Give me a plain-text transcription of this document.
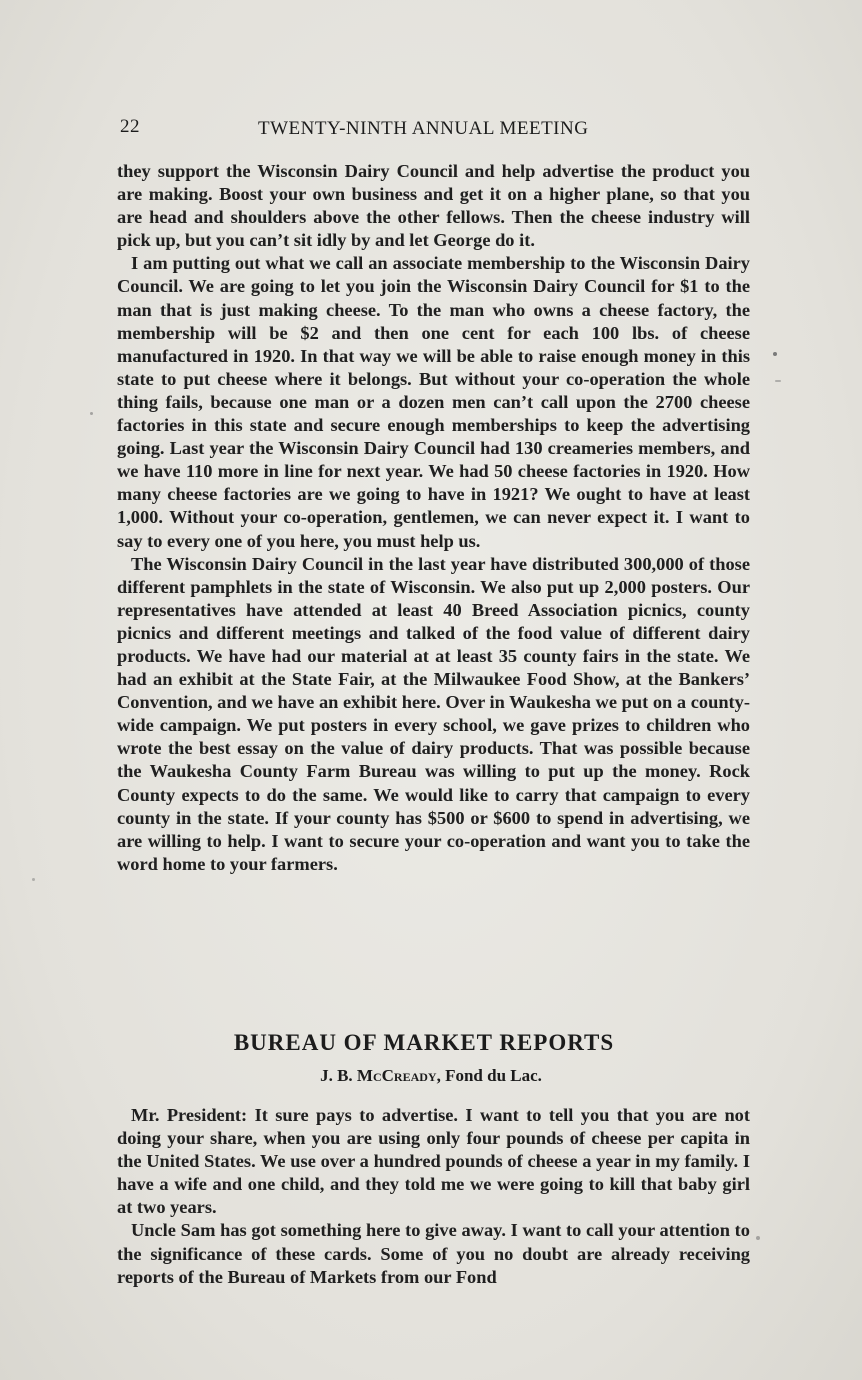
22	TWENTY-NINTH ANNUAL MEETING

they support the Wisconsin Dairy Council and help advertise the product you are making. Boost your own business and get it on a higher plane, so that you are head and shoulders above the other fellows. Then the cheese industry will pick up, but you can’t sit idly by and let George do it.

I am putting out what we call an associate membership to the Wisconsin Dairy Council. We are going to let you join the Wisconsin Dairy Council for $1 to the man that is just making cheese. To the man who owns a cheese factory, the membership will be $2 and then one cent for each 100 lbs. of cheese manufactured in 1920. In that way we will be able to raise enough money in this state to put cheese where it belongs. But without your co-operation the whole thing fails, because one man or a dozen men can’t call upon the 2700 cheese factories in this state and secure enough memberships to keep the advertising going. Last year the Wisconsin Dairy Council had 130 creameries members, and we have 110 more in line for next year. We had 50 cheese factories in 1920. How many cheese factories are we going to have in 1921? We ought to have at least 1,000. Without your co-operation, gentlemen, we can never expect it. I want to say to every one of you here, you must help us.

The Wisconsin Dairy Council in the last year have distributed 300,000 of those different pamphlets in the state of Wisconsin. We also put up 2,000 posters. Our representatives have attended at least 40 Breed Association picnics, county picnics and different meetings and talked of the food value of different dairy products. We have had our material at at least 35 county fairs in the state. We had an exhibit at the State Fair, at the Milwaukee Food Show, at the Bankers’ Convention, and we have an exhibit here. Over in Waukesha we put on a county-wide campaign. We put posters in every school, we gave prizes to children who wrote the best essay on the value of dairy products. That was possible because the Waukesha County Farm Bureau was willing to put up the money. Rock County expects to do the same. We would like to carry that campaign to every county in the state. If your county has $500 or $600 to spend in advertising, we are willing to help. I want to secure your co-operation and want you to take the word home to your farmers.

BUREAU OF MARKET REPORTS
J. B. McCready, Fond du Lac.

Mr. President: It sure pays to advertise. I want to tell you that you are not doing your share, when you are using only four pounds of cheese per capita in the United States. We use over a hundred pounds of cheese a year in my family. I have a wife and one child, and they told me we were going to kill that baby girl at two years.

Uncle Sam has got something here to give away. I want to call your attention to the significance of these cards. Some of you no doubt are already receiving reports of the Bureau of Markets from our Fond
